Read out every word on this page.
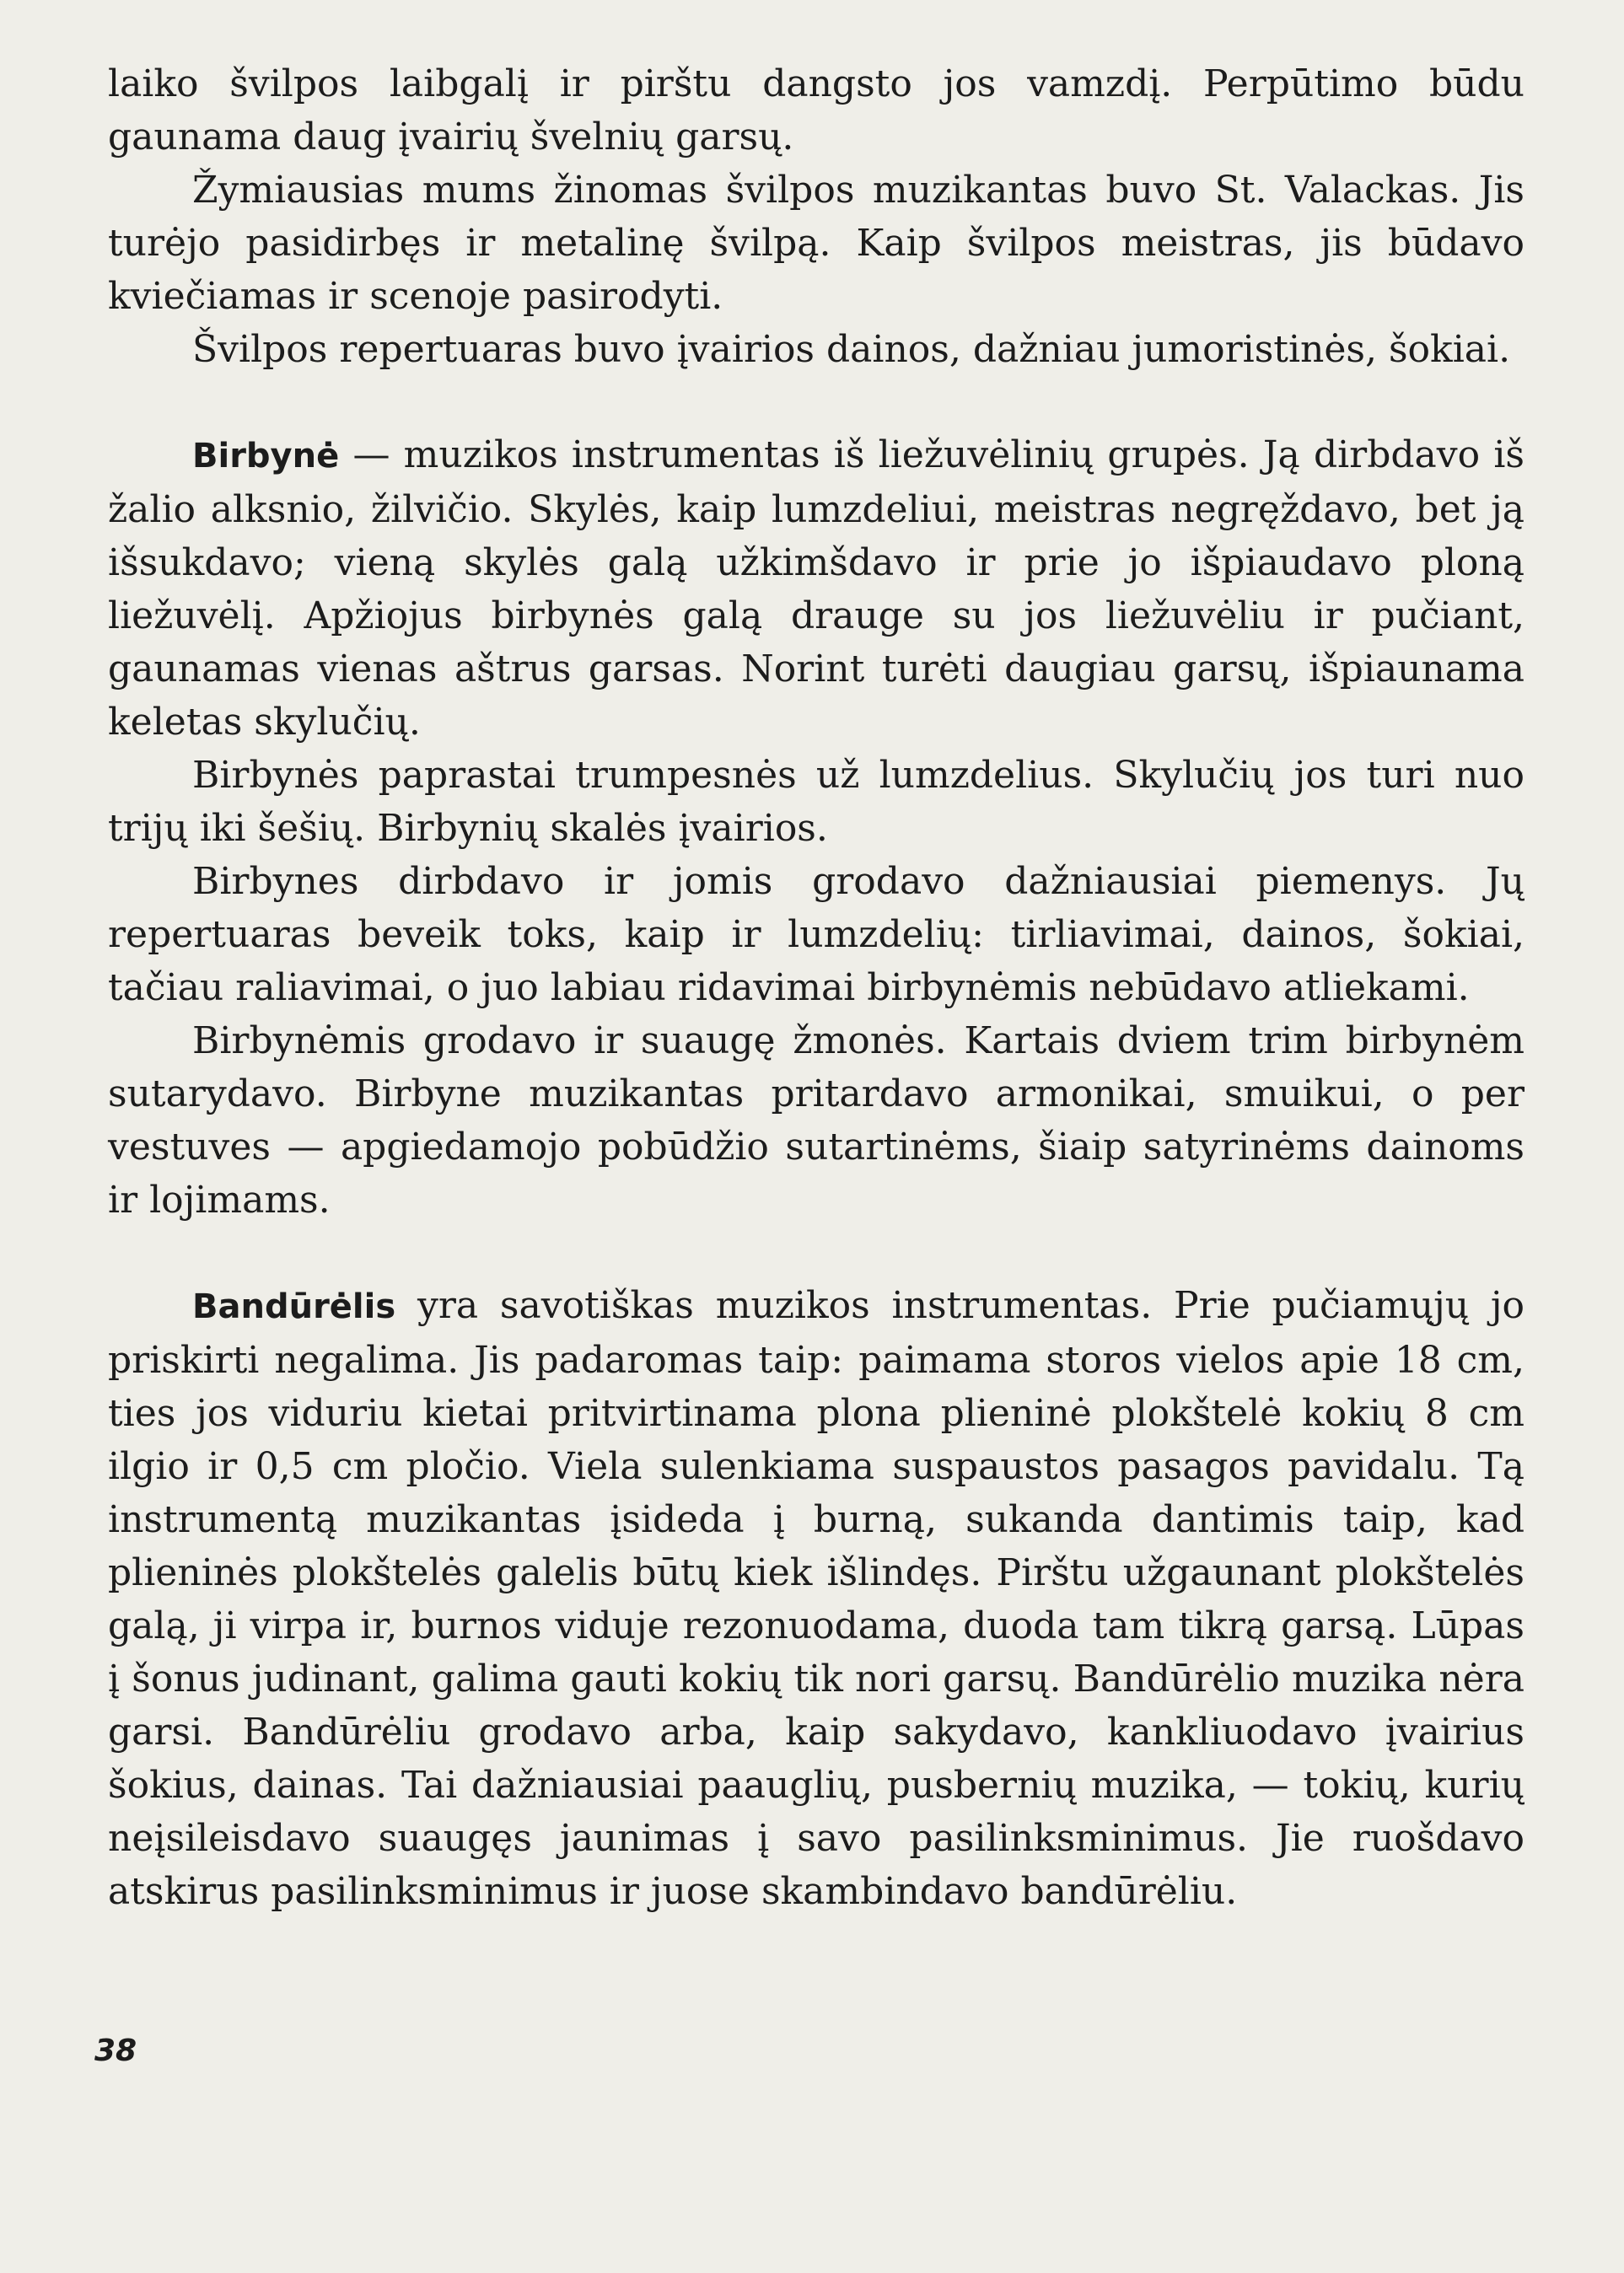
laiko švilpos laibgalį ir pirštu dangsto jos vamzdį. Perpūtimo būdu gaunama daug įvairių švelnių garsų.

Žymiausias mums žinomas švilpos muzikantas buvo St. Valackas. Jis turėjo pasidirbęs ir metalinę švilpą. Kaip švilpos meistras, jis būdavo kviečiamas ir scenoje pasirodyti.

Švilpos repertuaras buvo įvairios dainos, dažniau jumoristinės, šokiai.

Birbynė — muzikos instrumentas iš liežuvėlinių grupės. Ją dirbdavo iš žalio alksnio, žilvičio. Skylės, kaip lumzdeliui, meistras negręždavo, bet ją išsukdavo; vieną skylės galą užkimšdavo ir prie jo išpiaudavo ploną liežuvėlį. Apžiojus birbynės galą drauge su jos liežuvėliu ir pučiant, gaunamas vienas aštrus garsas. Norint turėti daugiau garsų, išpiaunama keletas skylučių.

Birbynės paprastai trumpesnės už lumzdelius. Skylučių jos turi nuo trijų iki šešių. Birbynių skalės įvairios.

Birbynes dirbdavo ir jomis grodavo dažniausiai piemenys. Jų repertuaras beveik toks, kaip ir lumzdelių: tirliavimai, dainos, šokiai, tačiau raliavimai, o juo labiau ridavimai birbynėmis nebūdavo atliekami.

Birbynėmis grodavo ir suaugę žmonės. Kartais dviem trim birbynėm sutarydavo. Birbyne muzikantas pritardavo armonikai, smuikui, o per vestuves — apgiedamojo pobūdžio sutartinėms, šiaip satyrinėms dainoms ir lojimams.

Bandūrėlis yra savotiškas muzikos instrumentas. Prie pučiamųjų jo priskirti negalima. Jis padaromas taip: paimama storos vielos apie 18 cm, ties jos viduriu kietai pritvirtinama plona plieninė plokštelė kokių 8 cm ilgio ir 0,5 cm pločio. Viela sulenkiama suspaustos pasagos pavidalu. Tą instrumentą muzikantas įsideda į burną, sukanda dantimis taip, kad plieninės plokštelės galelis būtų kiek išlindęs. Pirštu užgaunant plokštelės galą, ji virpa ir, burnos viduje rezonuodama, duoda tam tikrą garsą. Lūpas į šonus judinant, galima gauti kokių tik nori garsų. Bandūrėlio muzika nėra garsi. Bandūrėliu grodavo arba, kaip sakydavo, kankliuodavo įvairius šokius, dainas. Tai dažniausiai paauglių, pusbernių muzika, — tokių, kurių neįsileisdavo suaugęs jaunimas į savo pasilinksminimus. Jie ruošdavo atskirus pasilinksminimus ir juose skambindavo bandūrėliu.

38
